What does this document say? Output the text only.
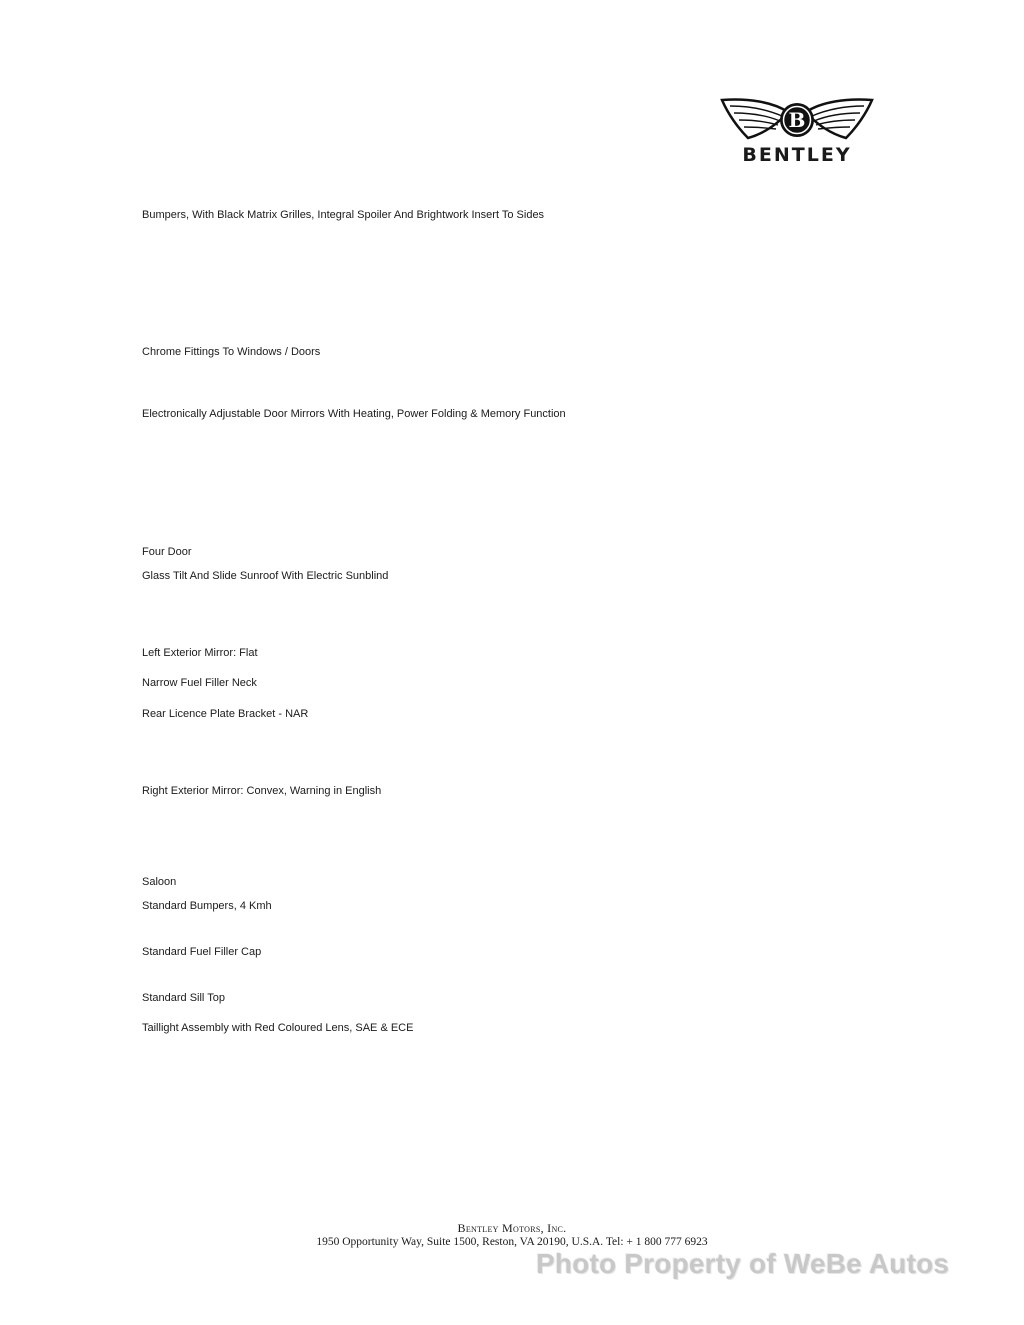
B
BENTLEY
Bumpers, With Black Matrix Grilles, Integral Spoiler And Brightwork Insert To Sides
Chrome Fittings To Windows / Doors
Electronically Adjustable Door Mirrors With Heating, Power Folding & Memory Function
Four Door
Glass Tilt And Slide Sunroof With Electric Sunblind
Left Exterior Mirror: Flat
Narrow Fuel Filler Neck
Rear Licence Plate Bracket - NAR
Right Exterior Mirror: Convex, Warning in English
Saloon
Standard Bumpers, 4 Kmh
Standard Fuel Filler Cap
Standard Sill Top
Taillight Assembly with Red Coloured Lens, SAE & ECE
Bentley Motors, Inc.
1950 Opportunity Way, Suite 1500, Reston, VA 20190, U.S.A. Tel: + 1 800 777 6923
Photo Property of WeBe Autos
